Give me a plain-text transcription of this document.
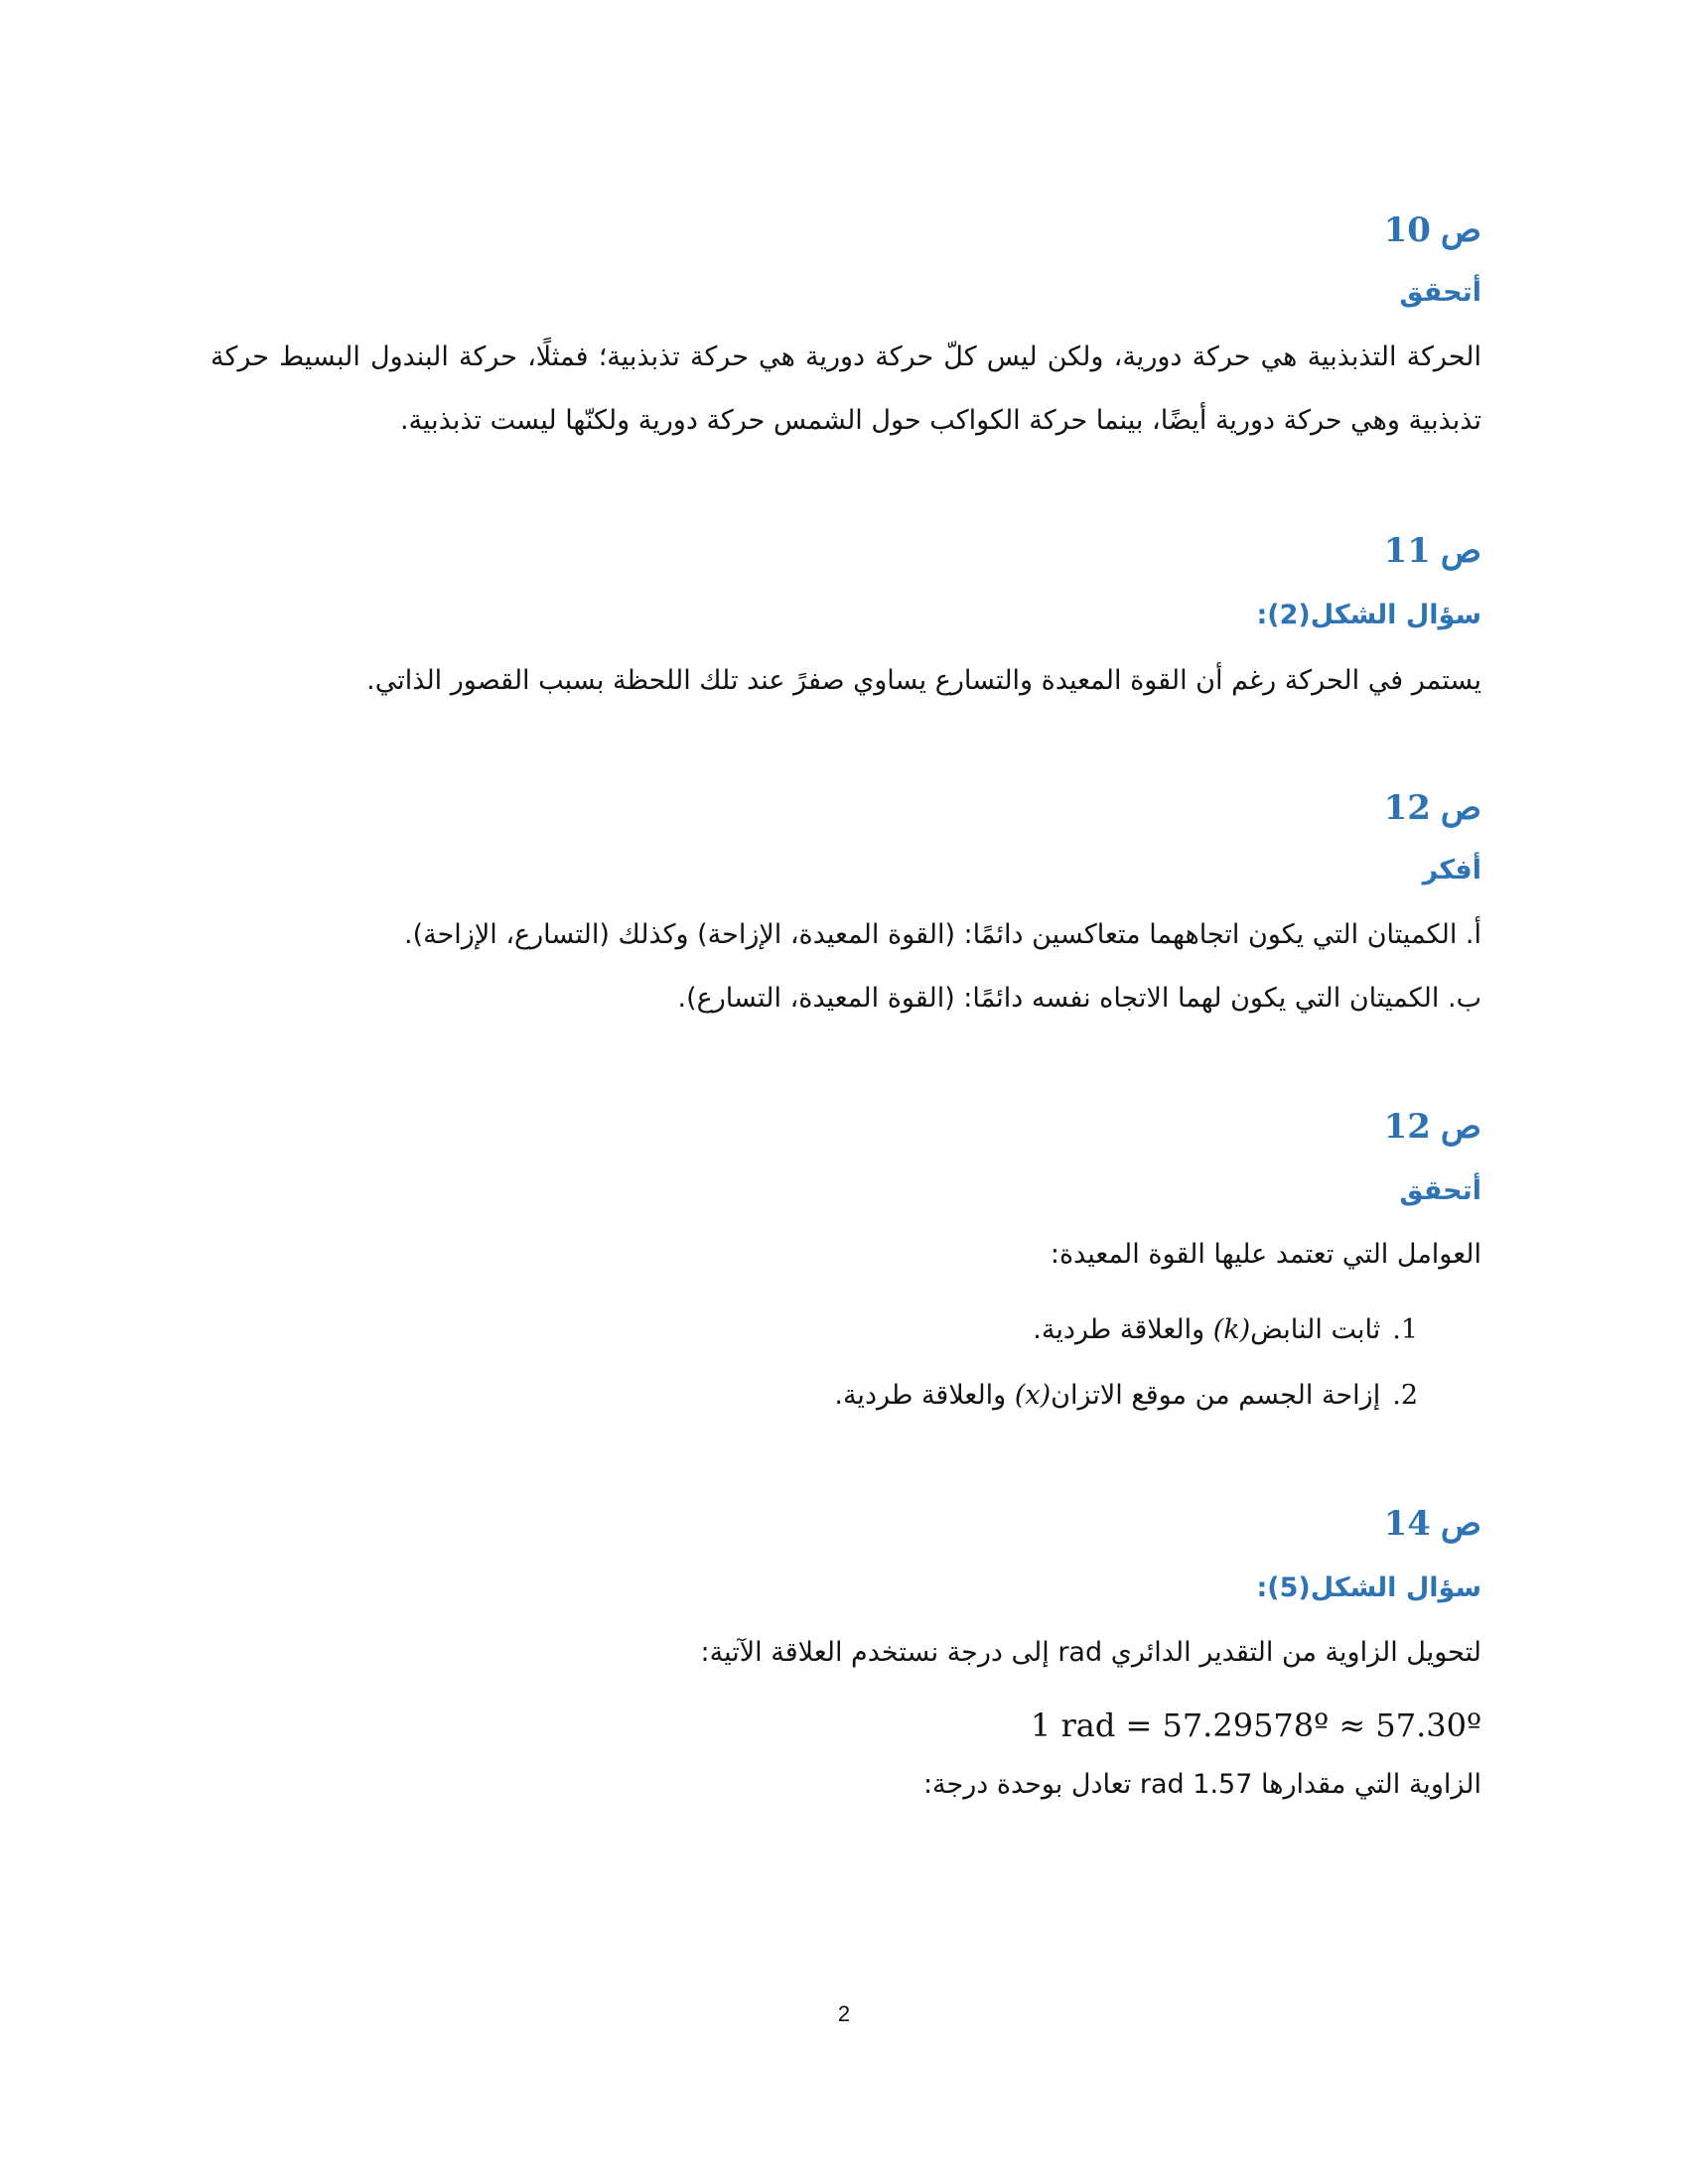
ص10
أتحقق
الحركة التذبذبية هي حركة دورية، ولكن ليس كلّ حركة دورية هي حركة تذبذبية؛ فمثلًا، حركة البندول البسيط حركة تذبذبية وهي حركة دورية أيضًا، بينما حركة الكواكب حول الشمس حركة دورية ولكنّها ليست تذبذبية.
ص11
سؤال الشكل(2):
يستمر في الحركة رغم أن القوة المعيدة والتسارع يساوي صفرً عند تلك اللحظة بسبب القصور الذاتي.
ص12
أفكر
أ. الكميتان التي يكون اتجاههما متعاكسين دائمًا: (القوة المعيدة، الإزاحة) وكذلك (التسارع، الإزاحة).
ب. الكميتان التي يكون لهما الاتجاه نفسه دائمًا: (القوة المعيدة، التسارع).
ص12
أتحقق
العوامل التي تعتمد عليها القوة المعيدة:
1.ثابت النابض(k) والعلاقة طردية.
2.إزاحة الجسم من موقع الاتزان(x) والعلاقة طردية.
ص14
سؤال الشكل(5):
لتحويل الزاوية من التقدير الدائري rad إلى درجة نستخدم العلاقة الآتية:
1 rad = 57.29578º ≈ 57.30º
الزاوية التي مقدارها 1.57 rad تعادل بوحدة درجة:
2
